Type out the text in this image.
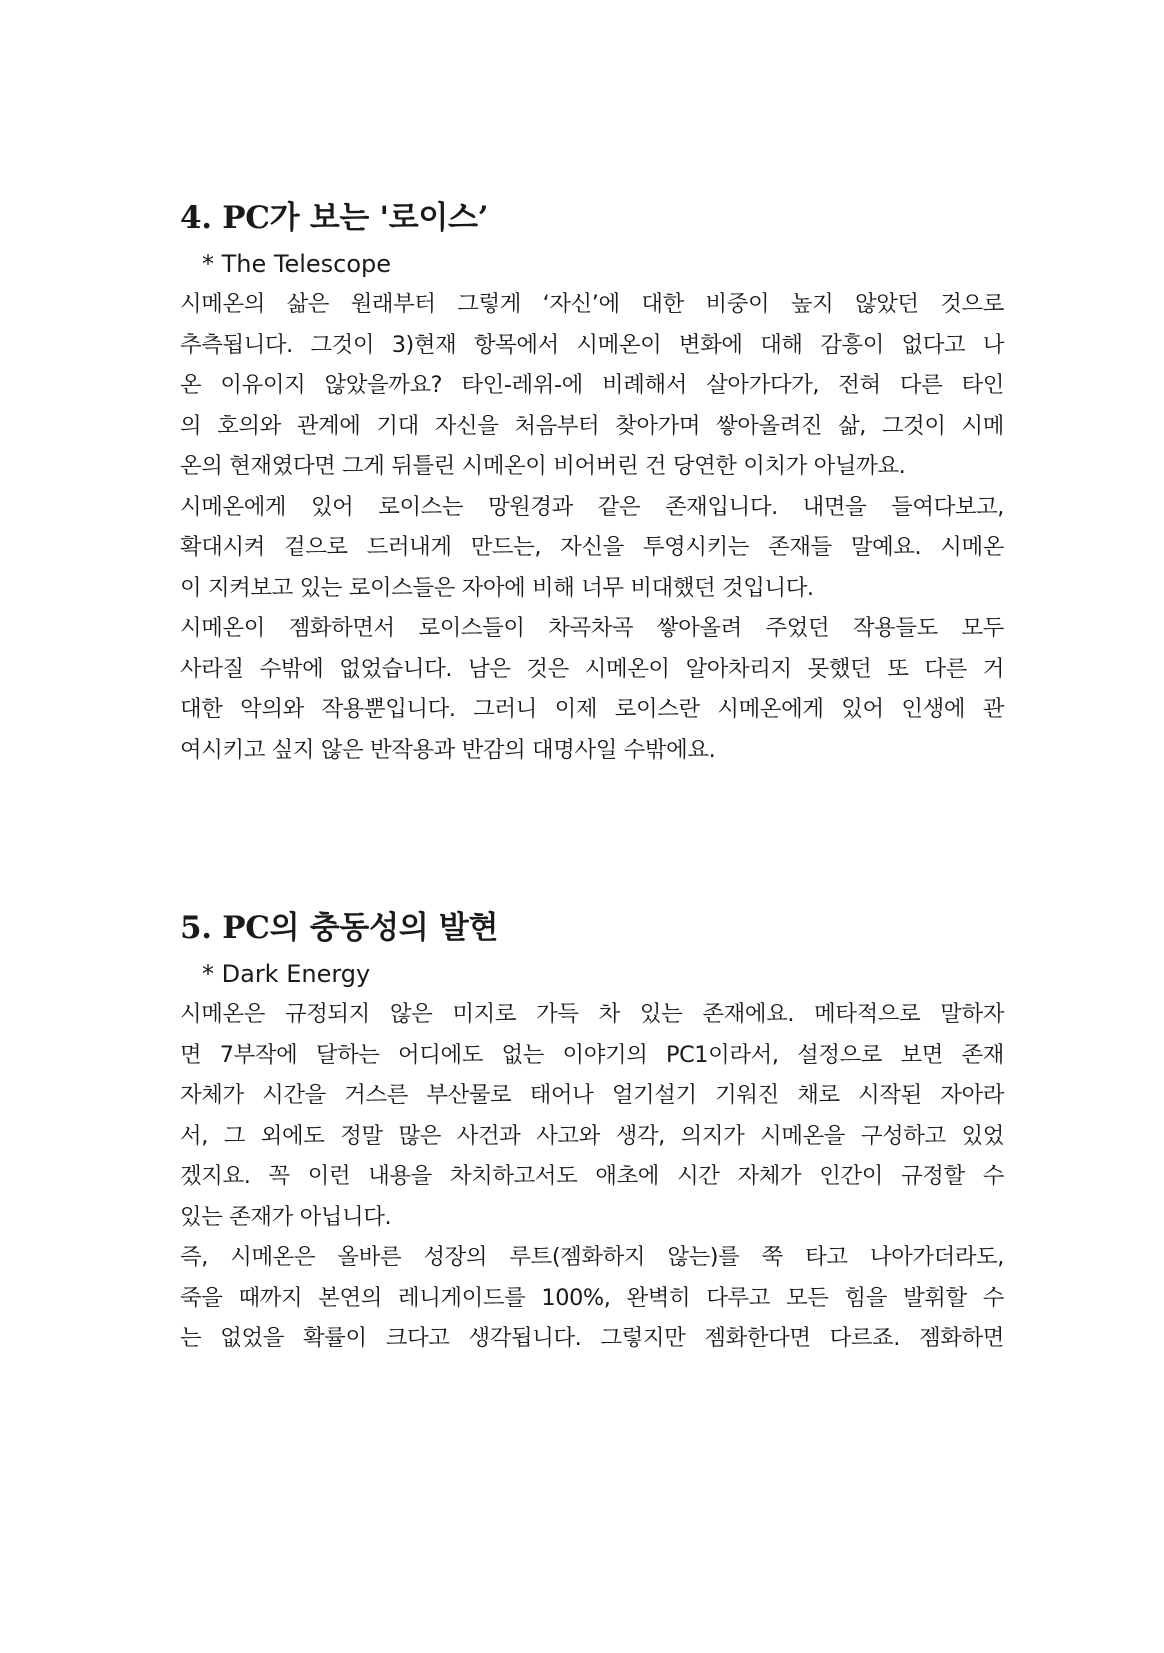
4. PC가 보는 '로이스’
* The Telescope
시메온의 삶은 원래부터 그렇게 ‘자신’에 대한 비중이 높지 않았던 것으로
추측됩니다. 그것이 3)현재 항목에서 시메온이 변화에 대해 감흥이 없다고 나
온 이유이지 않았을까요? 타인-레위-에 비례해서 살아가다가, 전혀 다른 타인
의 호의와 관계에 기대 자신을 처음부터 찾아가며 쌓아올려진 삶, 그것이 시메
온의 현재였다면 그게 뒤틀린 시메온이 비어버린 건 당연한 이치가 아닐까요.
시메온에게 있어 로이스는 망원경과 같은 존재입니다. 내면을 들여다보고,
확대시켜 겉으로 드러내게 만드는, 자신을 투영시키는 존재들 말예요. 시메온
이 지켜보고 있는 로이스들은 자아에 비해 너무 비대했던 것입니다.
시메온이 젬화하면서 로이스들이 차곡차곡 쌓아올려 주었던 작용들도 모두
사라질 수밖에 없었습니다. 남은 것은 시메온이 알아차리지 못했던 또 다른 거
대한 악의와 작용뿐입니다. 그러니 이제 로이스란 시메온에게 있어 인생에 관
여시키고 싶지 않은 반작용과 반감의 대명사일 수밖에요.
5. PC의 충동성의 발현
* Dark Energy
시메온은 규정되지 않은 미지로 가득 차 있는 존재에요. 메타적으로 말하자
면 7부작에 달하는 어디에도 없는 이야기의 PC1이라서, 설정으로 보면 존재
자체가 시간을 거스른 부산물로 태어나 얼기설기 기워진 채로 시작된 자아라
서, 그 외에도 정말 많은 사건과 사고와 생각, 의지가 시메온을 구성하고 있었
겠지요. 꼭 이런 내용을 차치하고서도 애초에 시간 자체가 인간이 규정할 수
있는 존재가 아닙니다.
즉, 시메온은 올바른 성장의 루트(젬화하지 않는)를 쭉 타고 나아가더라도,
죽을 때까지 본연의 레니게이드를 100%, 완벽히 다루고 모든 힘을 발휘할 수
는 없었을 확률이 크다고 생각됩니다. 그렇지만 젬화한다면 다르죠. 젬화하면
